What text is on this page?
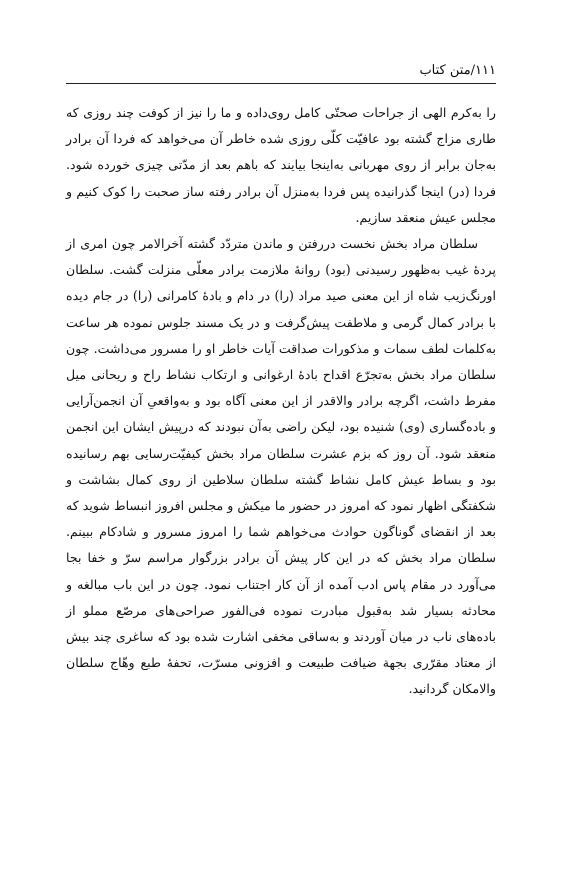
۱۱۱/متن کتاب

را به‌کرم الهی از جراحات صحتّی کامل روی‌داده و ما را نیز از کوفت چند روزی که طاری مزاج گشته بود عافیّت کلّی روزی شده خاطر آن می‌خواهد که فردا آن برادر به‌جان برابر از روی مهربانی به‌اینجا بیایند که باهم بعد از مدّتی چیزی خورده شود. فردا (در) اینجا گذرانیده پس فردا به‌منزل آن برادر رفته ساز صحبت را کوک کنیم و مجلس عیش منعقد سازیم.

سلطان مراد بخش نخست دررفتن و ماندن متردّد گشته آخرالامر چون امری از پردهٔ غیب به‌ظهور رسیدنی (بود) روانهٔ ملازمت برادر معلّی منزلت گشت. سلطان اورنگ‌زیب شاه از این معنی صید مراد (را) در دام و بادهٔ کامرانی (را) در جام دیده با برادر کمال گرمی و ملاطفت پیش‌گرفت و در یک مسند جلوس نموده هر ساعت به‌کلمات لطف سمات و مذکورات صداقت آیات خاطر او را مسرور می‌داشت. چون سلطان مراد بخش به‌تجرّع اقداح بادهٔ ارغوانی و ارتکاب نشاط راح و ریحانی میل مفرط داشت، اگرچه برادر والاقدر از این معنی آگاه بود و به‌واقعیِ آن انجمن‌آرایی و باده‌گساری (وی) شنیده بود، لیکن راضی به‌آن نبودند که درپیش ایشان این انجمن منعقد شود. آن روز که بزم عشرت سلطان مراد بخش کیفیّت‌رسایی بهم رسانیده بود و بساط عیش کامل نشاط گشته سلطان سلاطین از روی کمال بشاشت و شکفتگی اظهار نمود که امروز در حضور ما میکش و مجلس افروز انبساط شوید که بعد از انقضای گوناگون حوادث می‌خواهم شما را امروز مسرور و شادکام ببینم. سلطان مراد بخش که در این کار پیش آن برادر بزرگوار مراسم سرّ و خفا بجا می‌آورد در مقام پاس ادب آمده از آن کار اجتناب نمود. چون در این باب مبالغه و محادثه بسیار شد به‌قبول مبادرت نموده فی‌الفور صراحی‌های مرصّع مملو از باده‌های ناب در میان آوردند و به‌ساقی مخفی اشارت شده بود که ساغری چند بیش از معتاد مقرّری بجهة ضیافت طبیعت و افزونی مسرّت، تحفهٔ طبع وهّاج سلطان والامکان گردانید.
